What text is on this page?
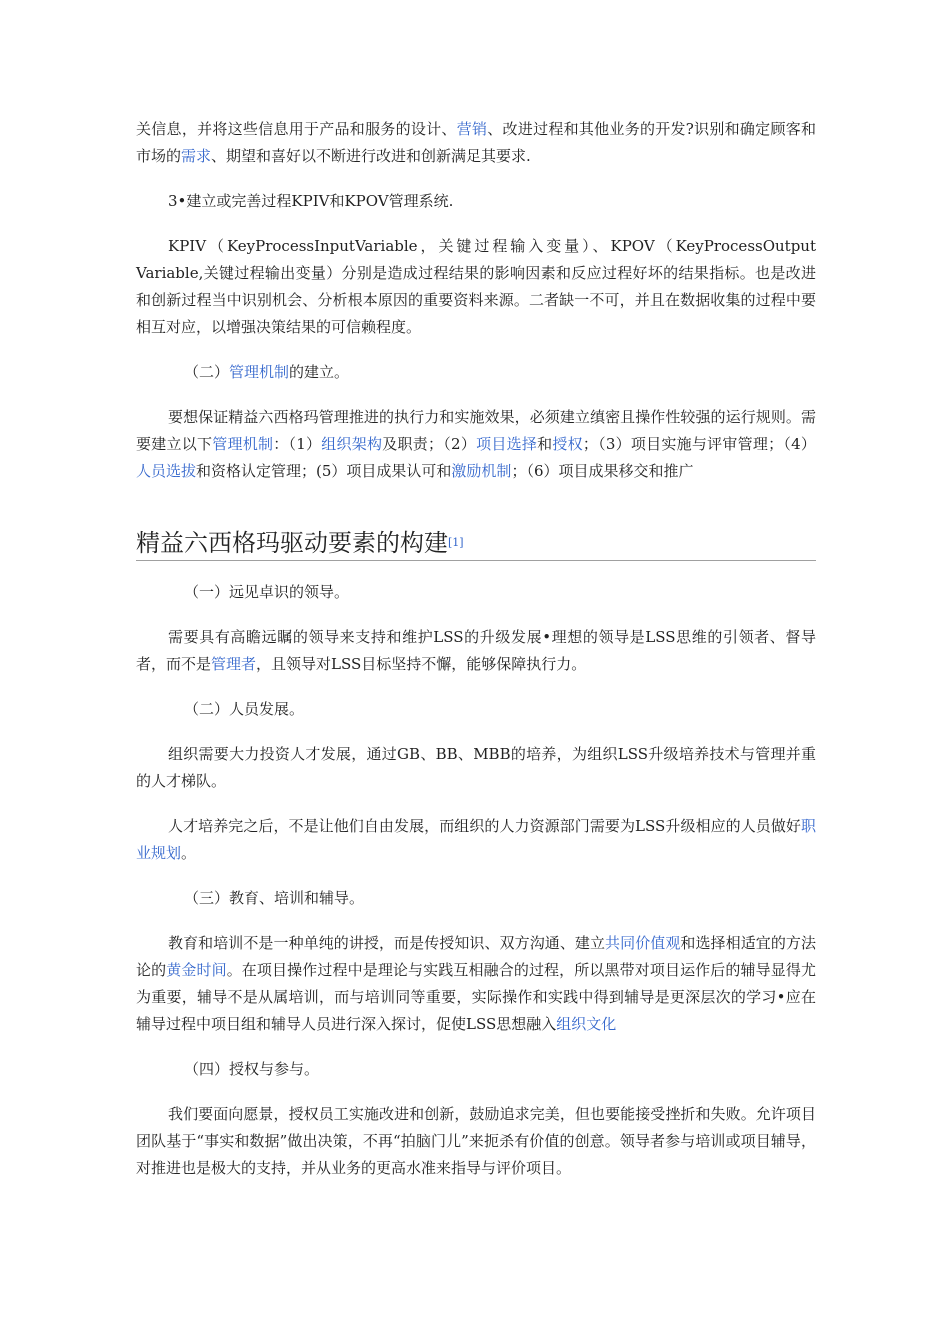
关信息，并将这些信息用于产品和服务的设计、营销、改进过程和其他业务的开发?识别和确定顾客和市场的需求、期望和喜好以不断进行改进和创新满足其要求.

3•建立或完善过程KPIV和KPOV管理系统.

KPIV（KeyProcessInputVariable，关键过程输入变量）、KPOV（KeyProcessOutput Variable,关键过程输出变量）分别是造成过程结果的影响因素和反应过程好坏的结果指标。也是改进和创新过程当中识别机会、分析根本原因的重要资料来源。二者缺一不可，并且在数据收集的过程中要相互对应，以增强决策结果的可信赖程度。

（二）管理机制的建立。

要想保证精益六西格玛管理推进的执行力和实施效果，必须建立缜密且操作性较强的运行规则。需要建立以下管理机制：（1）组织架构及职责；（2）项目选择和授权；（3）项目实施与评审管理；（4）人员选拔和资格认定管理；(5）项目成果认可和激励机制；（6）项目成果移交和推广

精益六西格玛驱动要素的构建[1]

（一）远见卓识的领导。

需要具有高瞻远瞩的领导来支持和维护LSS的升级发展•理想的领导是LSS思维的引领者、督导者，而不是管理者，且领导对LSS目标坚持不懈，能够保障执行力。

（二）人员发展。

组织需要大力投资人才发展，通过GB、BB、MBB的培养，为组织LSS升级培养技术与管理并重的人才梯队。

人才培养完之后，不是让他们自由发展，而组织的人力资源部门需要为LSS升级相应的人员做好职业规划。

（三）教育、培训和辅导。

教育和培训不是一种单纯的讲授，而是传授知识、双方沟通、建立共同价值观和选择相适宜的方法论的黄金时间。在项目操作过程中是理论与实践互相融合的过程，所以黑带对项目运作后的辅导显得尤为重要，辅导不是从属培训，而与培训同等重要，实际操作和实践中得到辅导是更深层次的学习•应在辅导过程中项目组和辅导人员进行深入探讨，促使LSS思想融入组织文化

（四）授权与参与。

我们要面向愿景，授权员工实施改进和创新，鼓励追求完美，但也要能接受挫折和失败。允许项目团队基于“事实和数据”做出决策，不再“拍脑门儿”来扼杀有价值的创意。领导者参与培训或项目辅导，对推进也是极大的支持，并从业务的更高水准来指导与评价项目。
